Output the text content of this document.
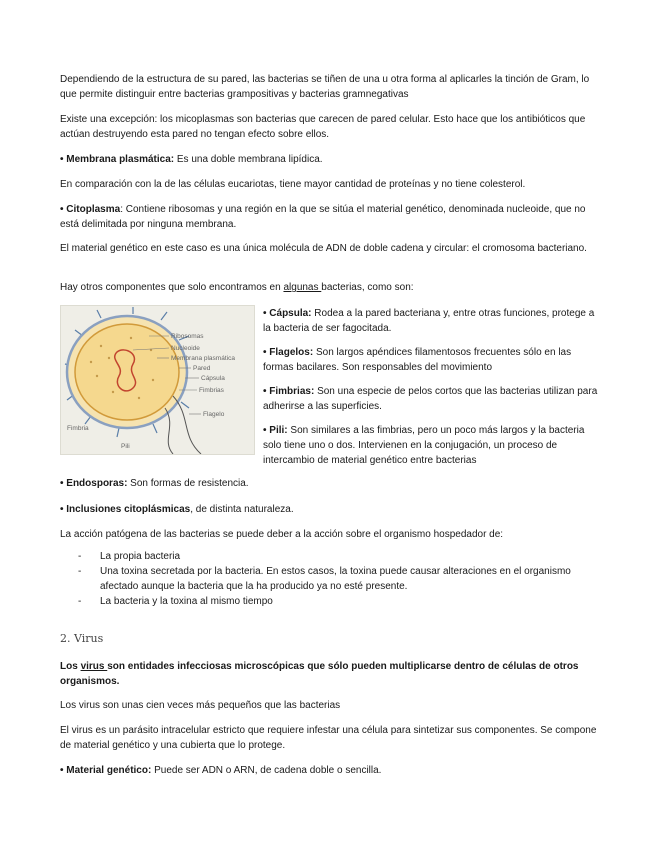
Dependiendo de la estructura de su pared, las bacterias se tiñen de una u otra forma al aplicarles la tinción de Gram, lo que permite distinguir entre bacterias grampositivas y bacterias gramnegativas

Existe una excepción: los micoplasmas son bacterias que carecen de pared celular. Esto hace que los antibióticos que actúan destruyendo esta pared no tengan efecto sobre ellos.

• Membrana plasmática: Es una doble membrana lipídica.

En comparación con la de las células eucariotas, tiene mayor cantidad de proteínas y no tiene colesterol.

• Citoplasma: Contiene ribosomas y una región en la que se sitúa el material genético, denominada nucleoide, que no está delimitada por ninguna membrana.

El material genético en este caso es una única molécula de ADN de doble cadena y circular: el cromosoma bacteriano.

Hay otros componentes que solo encontramos en algunas bacterias, como son:

Ribosomas
Nucleoide
Membrana plasmática
Pared
Cápsula
Fimbrias
Flagelo
Fimbria
Pili

• Cápsula: Rodea a la pared bacteriana y, entre otras funciones, protege a la bacteria de ser fagocitada.

• Flagelos: Son largos apéndices filamentosos frecuentes sólo en las formas bacilares. Son responsables del movimiento

• Fimbrias: Son una especie de pelos cortos que las bacterias utilizan para adherirse a las superficies.

• Pili: Son similares a las fimbrias, pero un poco más largos y la bacteria solo tiene uno o dos. Intervienen en la conjugación, un proceso de intercambio de material genético entre bacterias

• Endosporas: Son formas de resistencia.

• Inclusiones citoplásmicas, de distinta naturaleza.

La acción patógena de las bacterias se puede deber a la acción sobre el organismo hospedador de:

- La propia bacteria
- Una toxina secretada por la bacteria. En estos casos, la toxina puede causar alteraciones en el organismo afectado aunque la bacteria que la ha producido ya no esté presente.
- La bacteria y la toxina al mismo tiempo
2. Virus

Los virus son entidades infecciosas microscópicas que sólo pueden multiplicarse dentro de células de otros organismos.

Los virus son unas cien veces más pequeños que las bacterias

El virus es un parásito intracelular estricto que requiere infestar una célula para sintetizar sus componentes. Se compone de material genético y una cubierta que lo protege.

• Material genético: Puede ser ADN o ARN, de cadena doble o sencilla.
